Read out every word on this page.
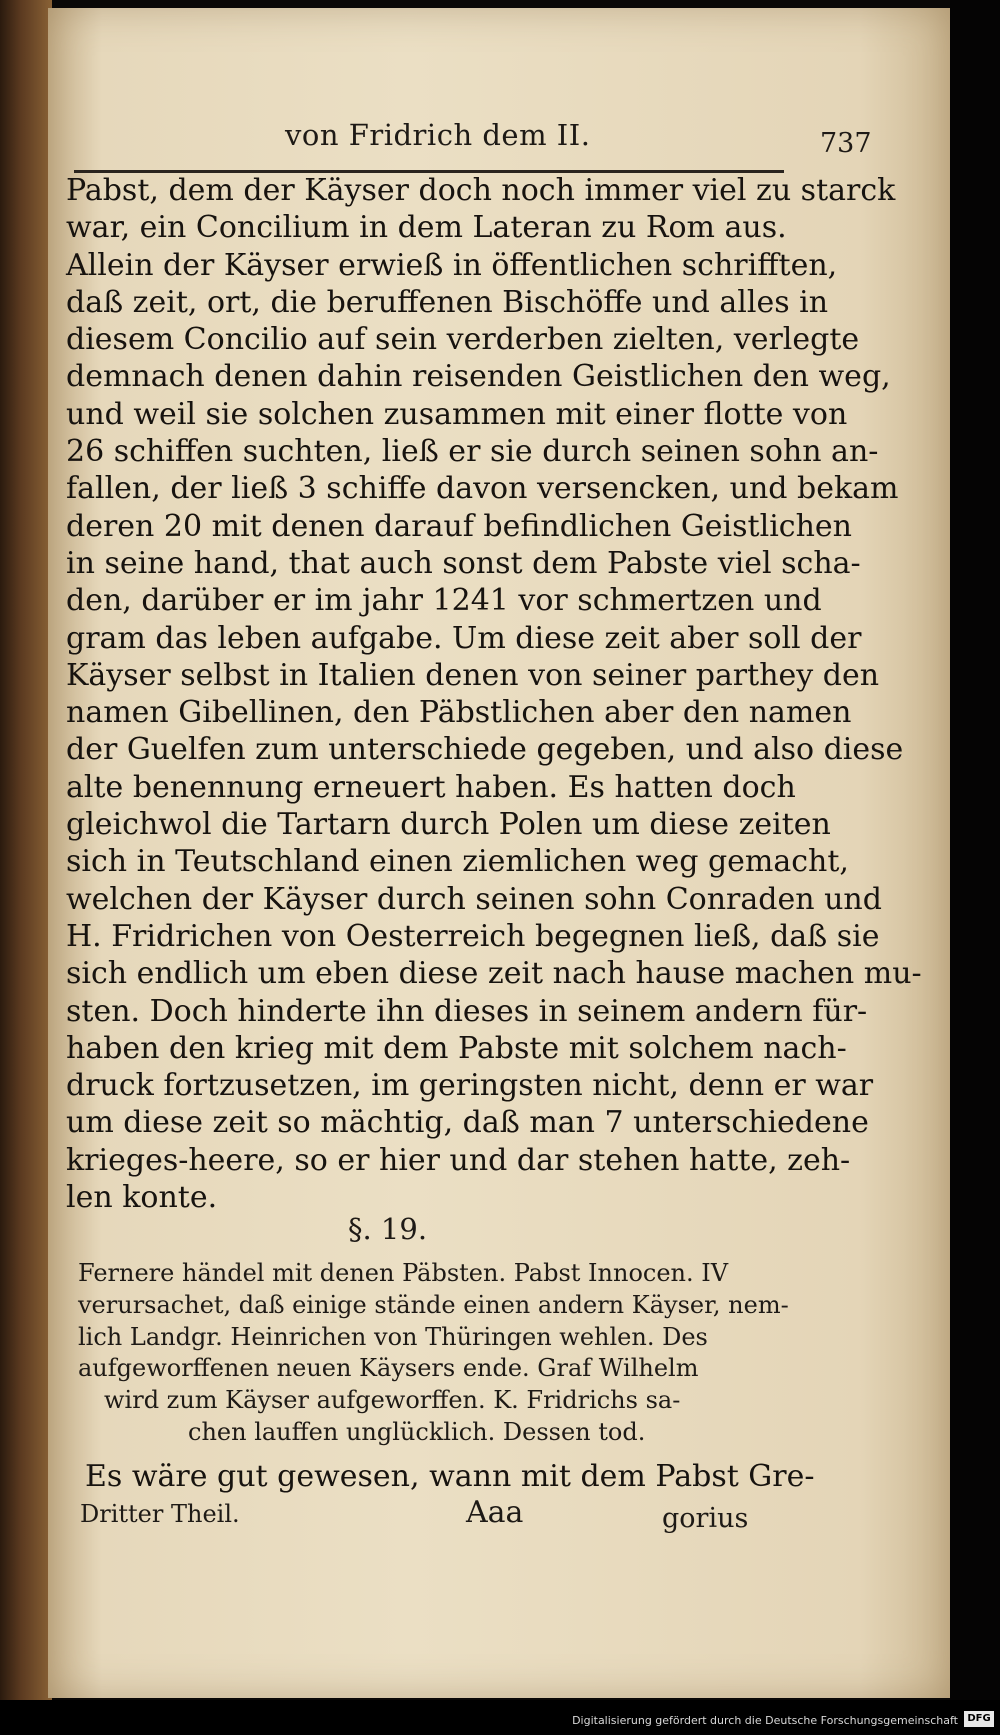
von Fridrich dem II.	737
Pabst, dem der Käyser doch noch immer viel zu starck
war, ein Concilium in dem Lateran zu Rom aus.
Allein der Käyser erwieß in öffentlichen schrifften,
daß zeit, ort, die beruffenen Bischöffe und alles in
diesem Concilio auf sein verderben zielten, verlegte
demnach denen dahin reisenden Geistlichen den weg,
und weil sie solchen zusammen mit einer flotte von
26 schiffen suchten, ließ er sie durch seinen sohn an-
fallen, der ließ 3 schiffe davon versencken, und bekam
deren 20 mit denen darauf befindlichen Geistlichen
in seine hand, that auch sonst dem Pabste viel scha-
den, darüber er im jahr 1241 vor schmertzen und
gram das leben aufgabe. Um diese zeit aber soll der
Käyser selbst in Italien denen von seiner parthey den
namen Gibellinen, den Päbstlichen aber den namen
der Guelfen zum unterschiede gegeben, und also diese
alte benennung erneuert haben. Es hatten doch
gleichwol die Tartarn durch Polen um diese zeiten
sich in Teutschland einen ziemlichen weg gemacht,
welchen der Käyser durch seinen sohn Conraden und
H. Fridrichen von Oesterreich begegnen ließ, daß sie
sich endlich um eben diese zeit nach hause machen mu-
sten. Doch hinderte ihn dieses in seinem andern für-
haben den krieg mit dem Pabste mit solchem nach-
druck fortzusetzen, im geringsten nicht, denn er war
um diese zeit so mächtig, daß man 7 unterschiedene
krieges-heere, so er hier und dar stehen hatte, zeh-
len konte.
§. 19.
Fernere händel mit denen Päbsten. Pabst Innocen. IV
verursachet, daß einige stände einen andern Käyser, nem-
lich Landgr. Heinrichen von Thüringen wehlen. Des
aufgeworffenen neuen Käysers ende. Graf Wilhelm
wird zum Käyser aufgeworffen. K. Fridrichs sa-
chen lauffen unglücklich. Dessen tod.
Es wäre gut gewesen, wann mit dem Pabst Gre-
Dritter Theil.	Aaa	gorius
Digitalisierung gefördert durch die Deutsche Forschungsgemeinschaft DFG
